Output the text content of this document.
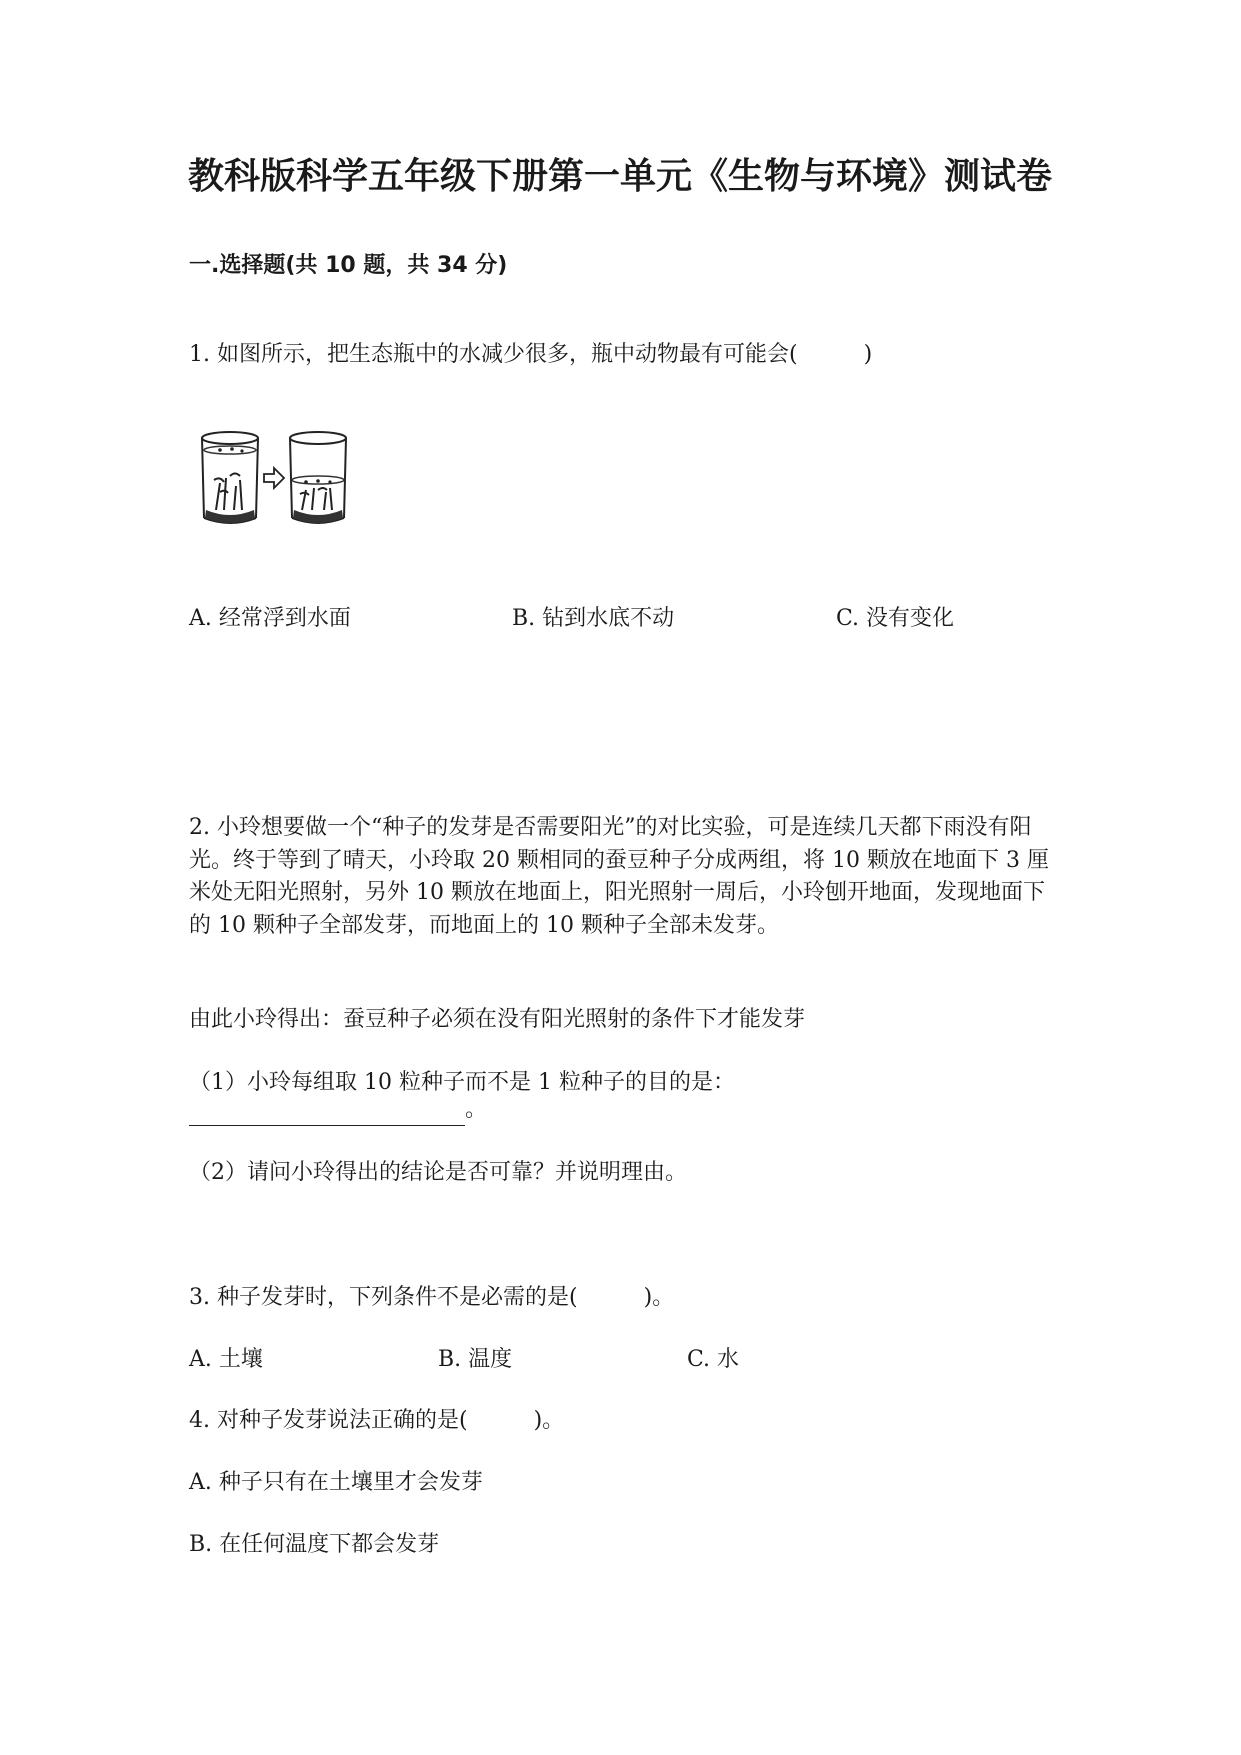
教科版科学五年级下册第一单元《生物与环境》测试卷
一.选择题(共 10 题，共 34 分)
1. 如图所示，把生态瓶中的水减少很多，瓶中动物最有可能会(　　　)
A. 经常浮到水面	B. 钻到水底不动	C. 没有变化
2. 小玲想要做一个“种子的发芽是否需要阳光”的对比实验，可是连续几天都下雨没有阳光。终于等到了晴天，小玲取 20 颗相同的蚕豆种子分成两组，将 10 颗放在地面下 3 厘米处无阳光照射，另外 10 颗放在地面上，阳光照射一周后，小玲刨开地面，发现地面下的 10 颗种子全部发芽，而地面上的 10 颗种子全部未发芽。
由此小玲得出：蚕豆种子必须在没有阳光照射的条件下才能发芽
（1）小玲每组取 10 粒种子而不是 1 粒种子的目的是：
。
（2）请问小玲得出的结论是否可靠？并说明理由。
3. 种子发芽时，下列条件不是必需的是(　　　)。
A. 土壤	B. 温度	C. 水
4. 对种子发芽说法正确的是(　　　)。
A. 种子只有在土壤里才会发芽
B. 在任何温度下都会发芽
